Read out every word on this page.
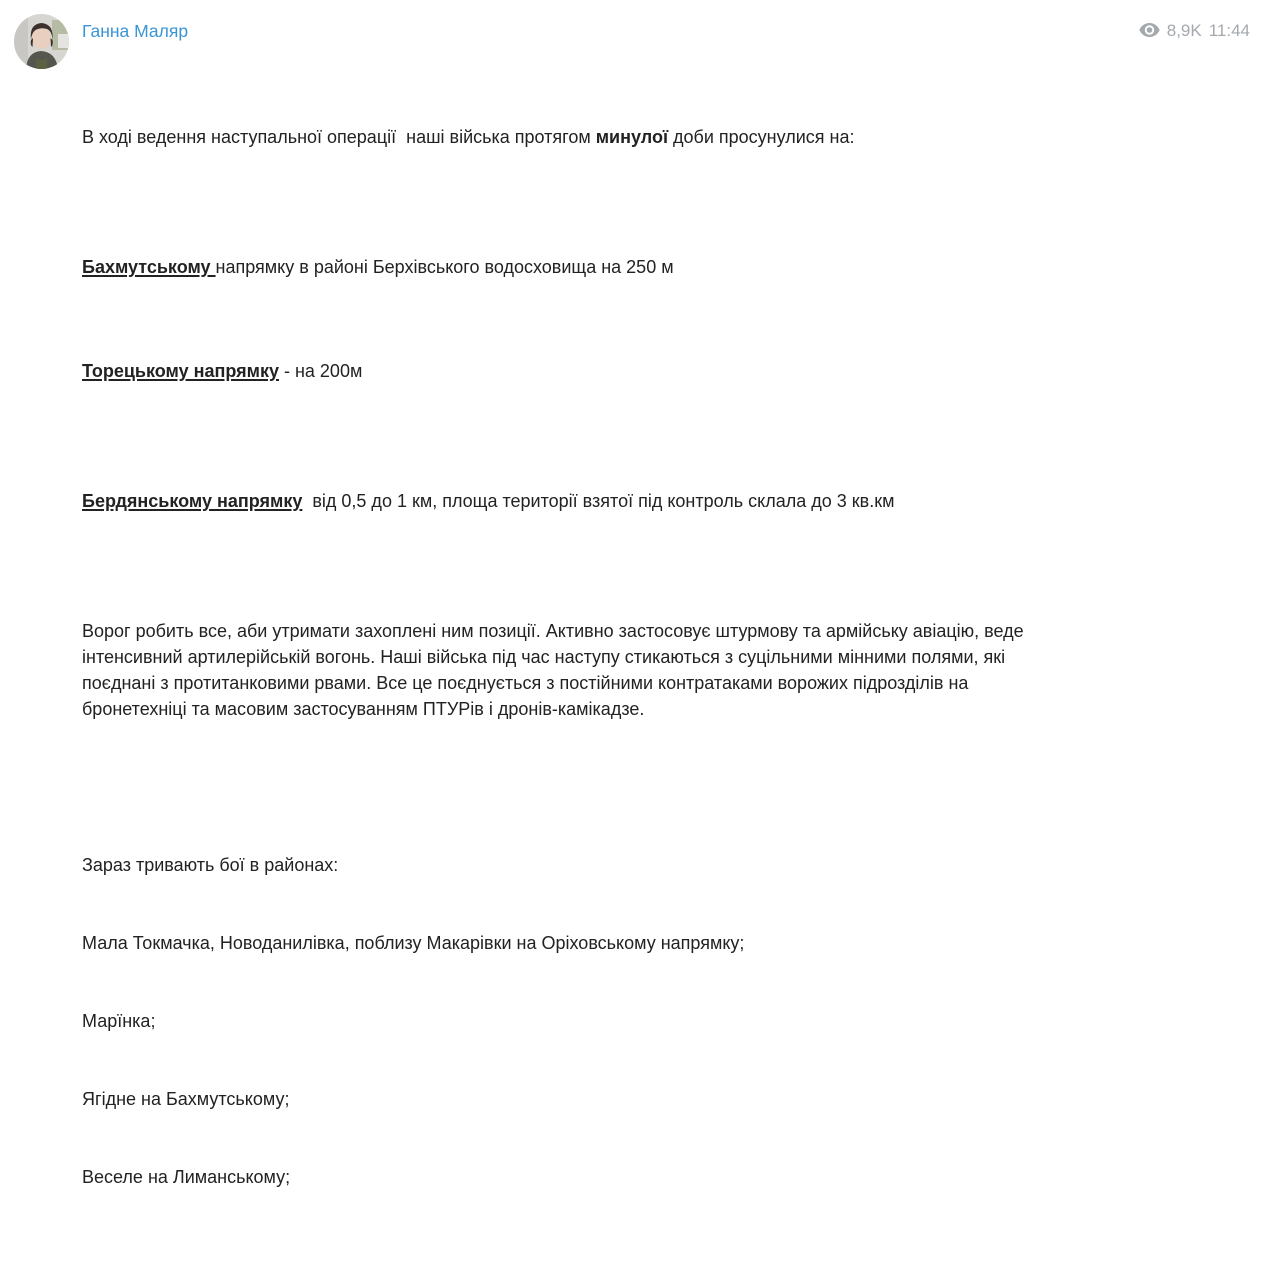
Ганна Маляр	8,9K 11:44

В ході ведення наступальної операції  наші війська протягом минулої доби просунулися на:

Бахмутському напрямку в районі Берхівського водосховища на 250 м

Торецькому напрямку - на 200м

Бердянському напрямку  від 0,5 до 1 км, площа території взятої під контроль склала до 3 кв.км

Ворог робить все, аби утримати захоплені ним позиції. Активно застосовує штурмову та армійську авіацію, веде інтенсивний артилерійській вогонь. Наші війська під час наступу стикаються з суцільними мінними полями, які поєднані з протитанковими рвами. Все це поєднується з постійними контратаками ворожих підрозділів на бронетехніці та масовим застосуванням ПТУРів і дронів-камікадзе.

Зараз тривають бої в районах:

Мала Токмачка, Новоданилівка, поблизу Макарівки на Оріховському напрямку;

Марїнка;

Ягідне на Бахмутському;

Веселе на Лиманському;
